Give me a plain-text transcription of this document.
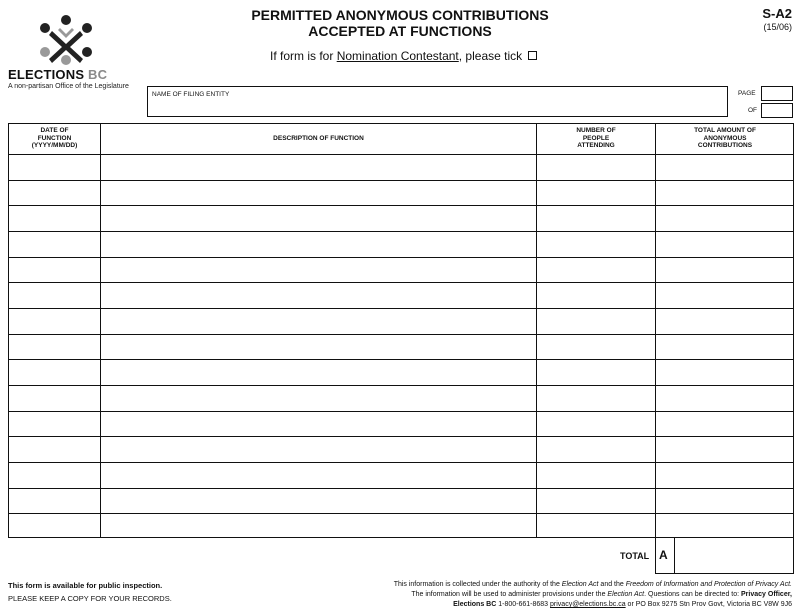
ELECTIONS BC
A non-partisan Office of the Legislature
PERMITTED ANONYMOUS CONTRIBUTIONS
ACCEPTED AT FUNCTIONS
S-A2
(15/06)
If form is for Nomination Contestant, please tick
NAME OF FILING ENTITY	PAGE
OF
DATE OF
FUNCTION
(YYYY/MM/DD)
DESCRIPTION OF FUNCTION
NUMBER OF
PEOPLE
ATTENDING
TOTAL AMOUNT OF
ANONYMOUS
CONTRIBUTIONS
TOTAL A
This form is available for public inspection.
PLEASE KEEP A COPY FOR YOUR RECORDS.
This information is collected under the authority of the Election Act and the Freedom of Information and Protection of Privacy Act.
The information will be used to administer provisions under the Election Act. Questions can be directed to: Privacy Officer,
Elections BC 1-800-661-8683 privacy@elections.bc.ca or PO Box 9275 Stn Prov Govt, Victoria BC V8W 9J6
